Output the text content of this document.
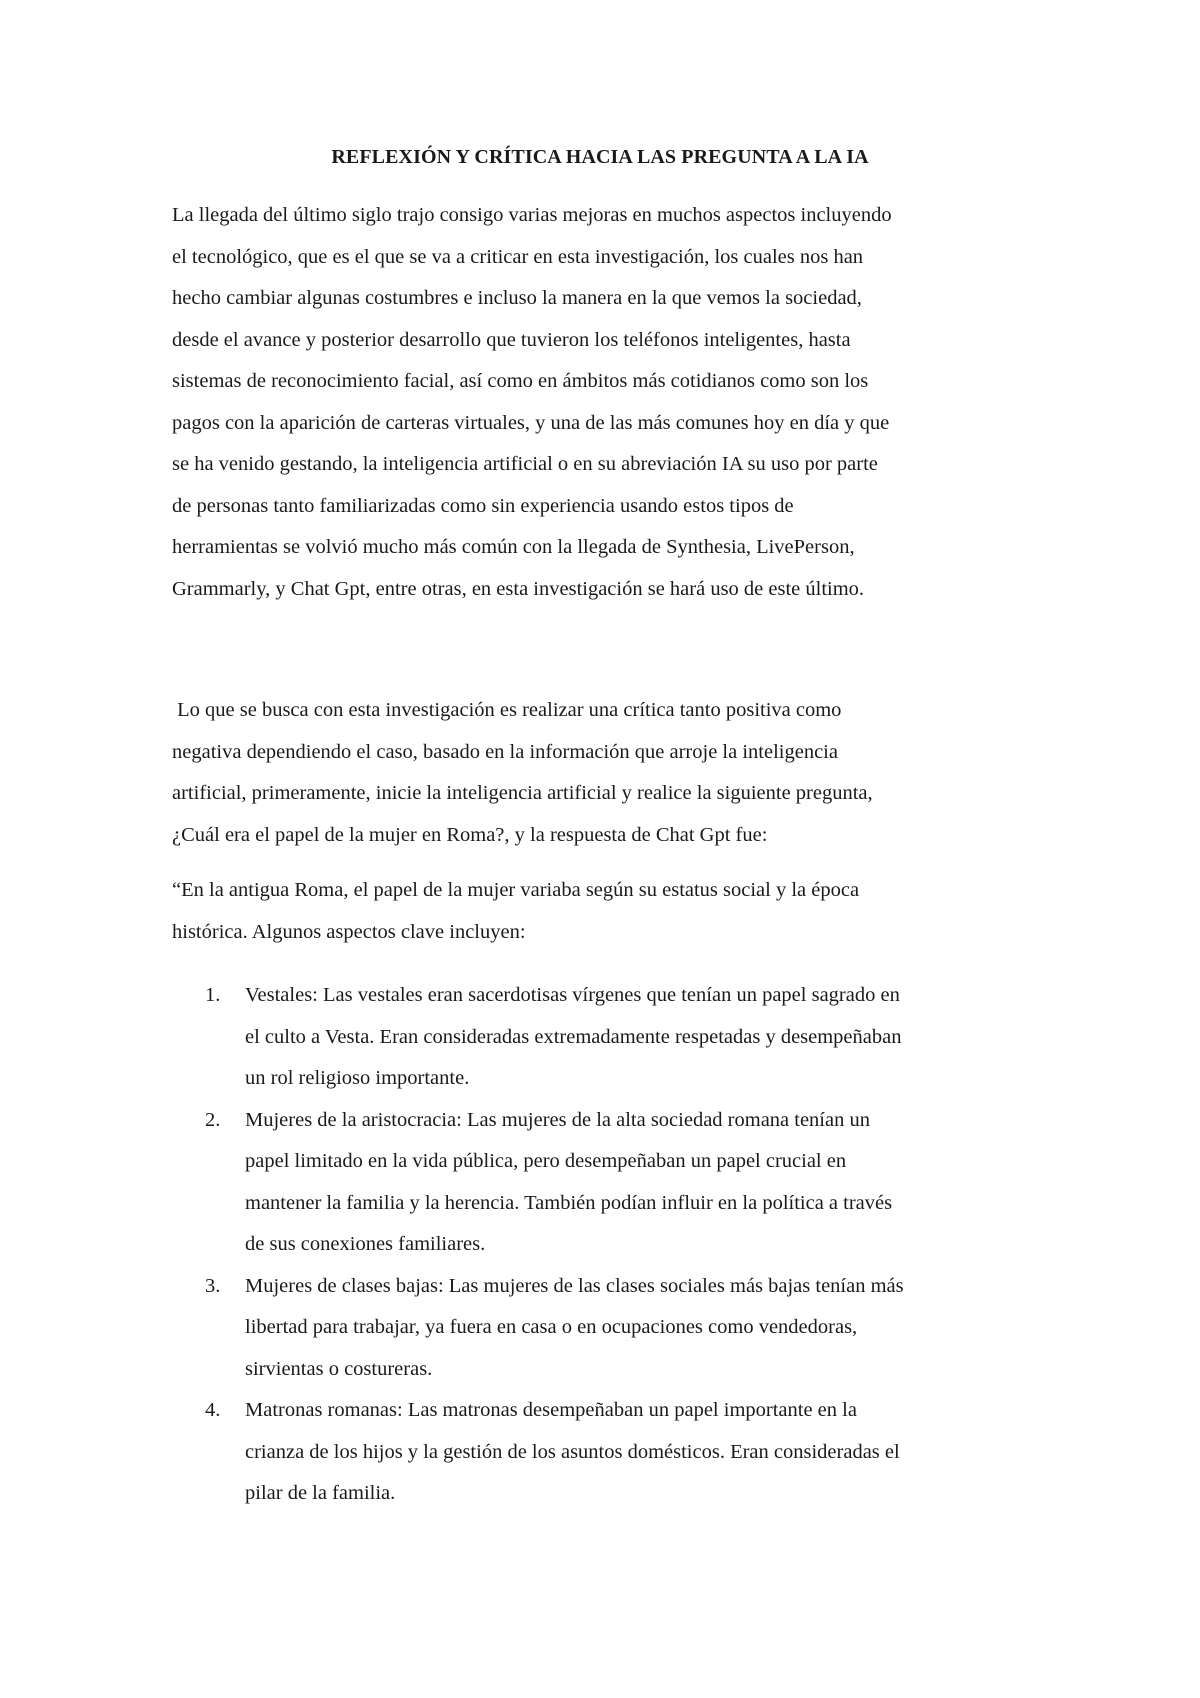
REFLEXIÓN Y CRÍTICA HACIA LAS PREGUNTA A LA IA

La llegada del último siglo trajo consigo varias mejoras en muchos aspectos incluyendo
el tecnológico, que es el que se va a criticar en esta investigación, los cuales nos han
hecho cambiar algunas costumbres e incluso la manera en la que vemos la sociedad,
desde el avance y posterior desarrollo que tuvieron los teléfonos inteligentes, hasta
sistemas de reconocimiento facial, así como en ámbitos más cotidianos como son los
pagos con la aparición de carteras virtuales, y una de las más comunes hoy en día y que
se ha venido gestando, la inteligencia artificial o en su abreviación IA su uso por parte
de personas tanto familiarizadas como sin experiencia usando estos tipos de
herramientas se volvió mucho más común con la llegada de Synthesia, LivePerson,
Grammarly, y Chat Gpt, entre otras, en esta investigación se hará uso de este último.

Lo que se busca con esta investigación es realizar una crítica tanto positiva como
negativa dependiendo el caso, basado en la información que arroje la inteligencia
artificial, primeramente, inicie la inteligencia artificial y realice la siguiente pregunta,
¿Cuál era el papel de la mujer en Roma?, y la respuesta de Chat Gpt fue:

“En la antigua Roma, el papel de la mujer variaba según su estatus social y la época
histórica. Algunos aspectos clave incluyen:

1. Vestales: Las vestales eran sacerdotisas vírgenes que tenían un papel sagrado en
el culto a Vesta. Eran consideradas extremadamente respetadas y desempeñaban
un rol religioso importante.
2. Mujeres de la aristocracia: Las mujeres de la alta sociedad romana tenían un
papel limitado en la vida pública, pero desempeñaban un papel crucial en
mantener la familia y la herencia. También podían influir en la política a través
de sus conexiones familiares.
3. Mujeres de clases bajas: Las mujeres de las clases sociales más bajas tenían más
libertad para trabajar, ya fuera en casa o en ocupaciones como vendedoras,
sirvientas o costureras.
4. Matronas romanas: Las matronas desempeñaban un papel importante en la
crianza de los hijos y la gestión de los asuntos domésticos. Eran consideradas el
pilar de la familia.
